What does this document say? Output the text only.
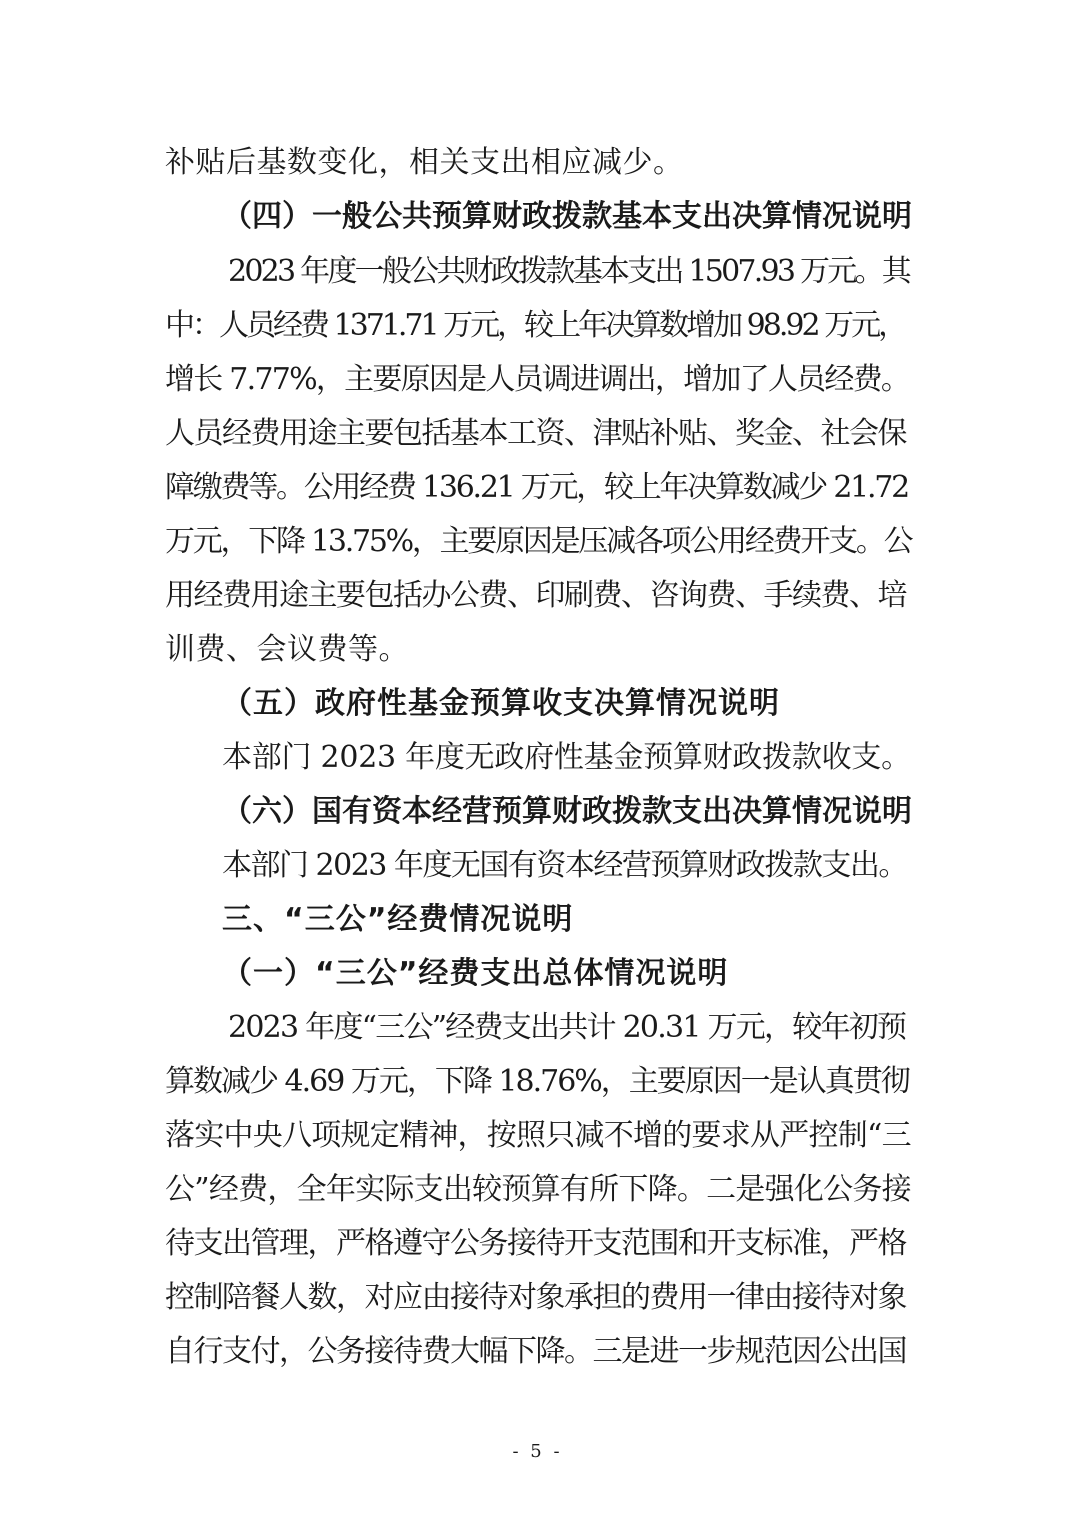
补贴后基数变化，相关支出相应减少。
（四）一般公共预算财政拨款基本支出决算情况说明
2023 年度一般公共财政拨款基本支出 1507.93 万元。其
中：人员经费 1371.71 万元，较上年决算数增加 98.92 万元，
增长 7.77%，主要原因是人员调进调出，增加了人员经费。
人员经费用途主要包括基本工资、津贴补贴、奖金、社会保
障缴费等。公用经费 136.21 万元，较上年决算数减少 21.72
万元，下降 13.75%，主要原因是压减各项公用经费开支。公
用经费用途主要包括办公费、印刷费、咨询费、手续费、培
训费、会议费等。
（五）政府性基金预算收支决算情况说明
本部门 2023 年度无政府性基金预算财政拨款收支。
（六）国有资本经营预算财政拨款支出决算情况说明
本部门 2023 年度无国有资本经营预算财政拨款支出。
三、“三公”经费情况说明
（一）“三公”经费支出总体情况说明
2023 年度“三公”经费支出共计 20.31 万元，较年初预
算数减少 4.69 万元，下降 18.76%，主要原因一是认真贯彻
落实中央八项规定精神，按照只减不增的要求从严控制“三
公”经费，全年实际支出较预算有所下降。二是强化公务接
待支出管理，严格遵守公务接待开支范围和开支标准，严格
控制陪餐人数，对应由接待对象承担的费用一律由接待对象
自行支付，公务接待费大幅下降。三是进一步规范因公出国
- 5 -
